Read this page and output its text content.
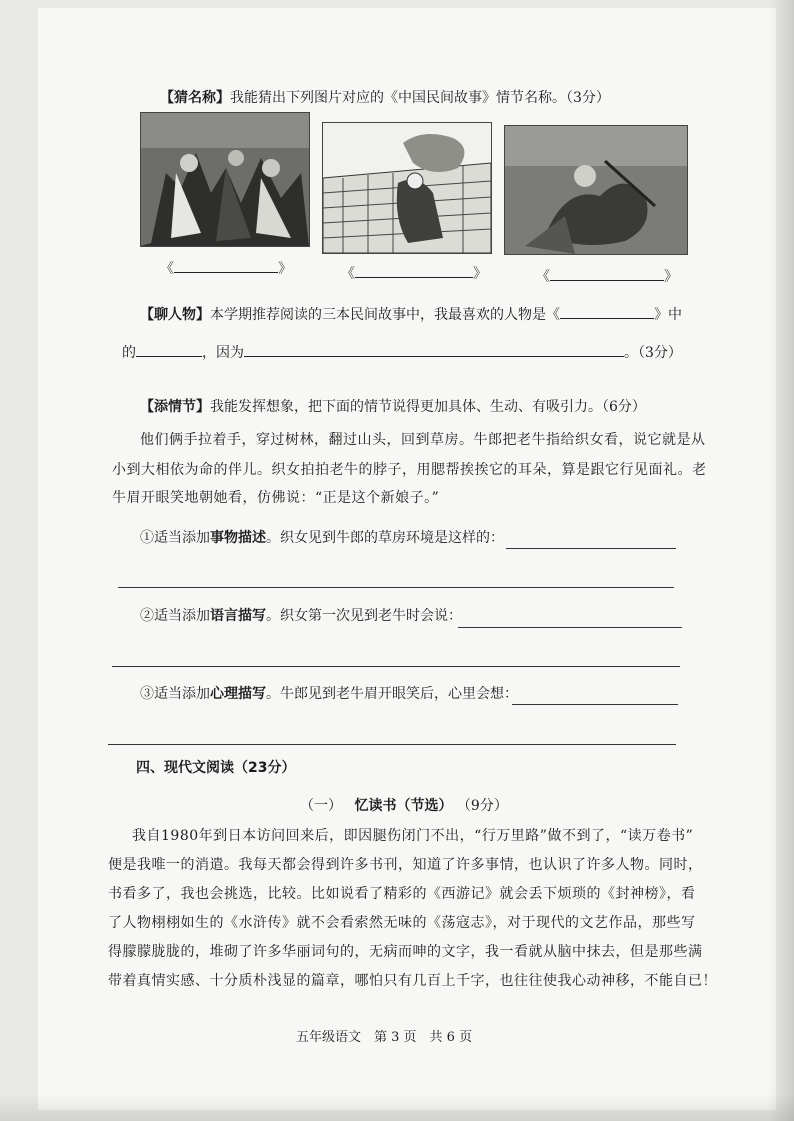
【猜名称】我能猜出下列图片对应的《中国民间故事》情节名称。（3分）
《	》	《	》	《	》
【聊人物】本学期推荐阅读的三本民间故事中，我最喜欢的人物是《	》中
的	，因为	。（3分）
【添情节】我能发挥想象，把下面的情节说得更加具体、生动、有吸引力。（6分）
他们俩手拉着手，穿过树林，翻过山头，回到草房。牛郎把老牛指给织女看，说它就是从
小到大相依为命的伴儿。织女拍拍老牛的脖子，用腮帮挨挨它的耳朵，算是跟它行见面礼。老
牛眉开眼笑地朝她看，仿佛说：“正是这个新娘子。”
①适当添加事物描述。织女见到牛郎的草房环境是这样的：
②适当添加语言描写。织女第一次见到老牛时会说：
③适当添加心理描写。牛郎见到老牛眉开眼笑后，心里会想：
四、现代文阅读（23分）
（一） 忆读书（节选） （9分）
我自1980年到日本访问回来后，即因腿伤闭门不出，“行万里路”做不到了，“读万卷书”
便是我唯一的消遣。我每天都会得到许多书刊，知道了许多事情，也认识了许多人物。同时，
书看多了，我也会挑选，比较。比如说看了精彩的《西游记》就会丢下烦琐的《封神榜》，看
了人物栩栩如生的《水浒传》就不会看索然无味的《荡寇志》，对于现代的文艺作品，那些写
得朦朦胧胧的，堆砌了许多华丽词句的，无病而呻的文字，我一看就从脑中抹去，但是那些满
带着真情实感、十分质朴浅显的篇章，哪怕只有几百上千字，也往往使我心动神移，不能自已！
五年级语文　第 3 页　共 6 页
